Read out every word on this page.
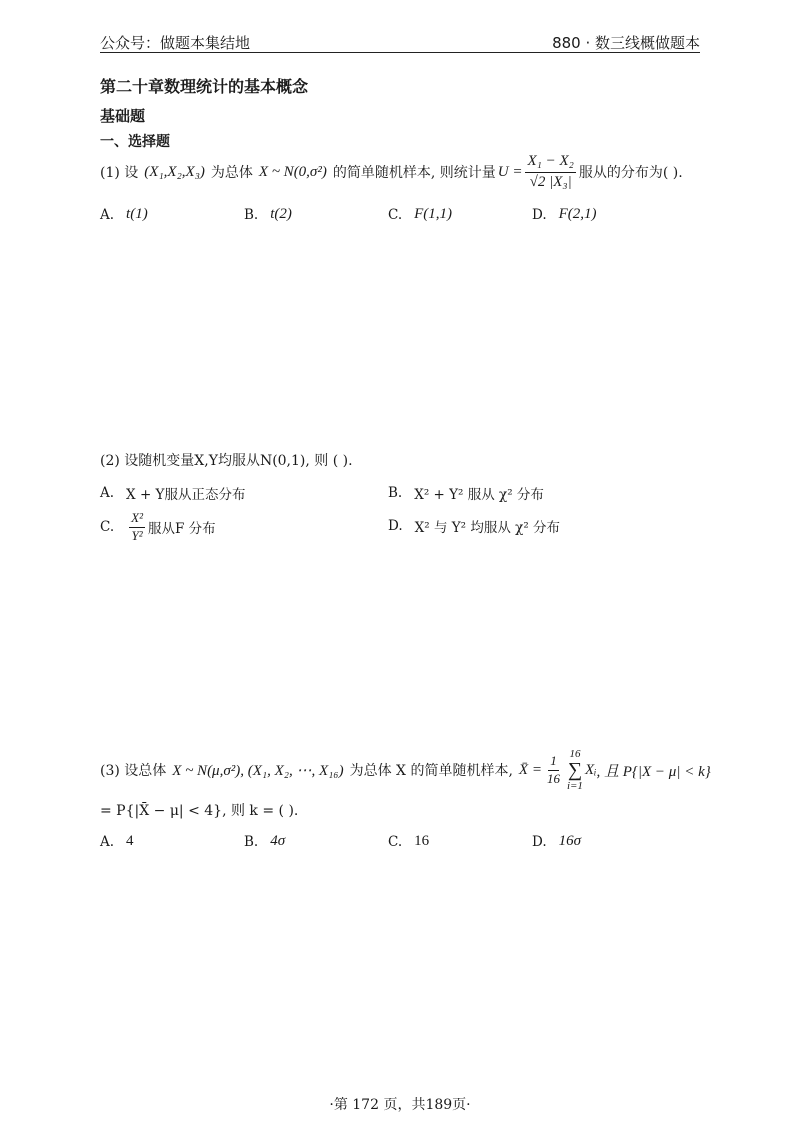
公众号：做题本集结地	880 · 数三线概做题本
第二十章数理统计的基本概念
基础题
一、选择题
(1) 设 (X₁,X₂,X₃) 为总体 X ~ N(0,σ²) 的简单随机样本, 则统计量 $U = \frac{\text{X₁ − X₂}}{\text{√2 |X₃|}}$ 服从的分布为( ).
A. t(1)	B. t(2)	C. F(1,1)	D. F(2,1)
(2) 设随机变量X,Y均服从N(0,1), 则 ( ).
A. X + Y服从正态分布	B. X² + Y² 服从 χ² 分布
C. $\frac{\text{X²}}{\text{Y²}}$ 服从F 分布	D. X² 与 Y² 均服从 χ² 分布
(3) 设总体 X ~ N(μ,σ²), (X₁, X₂, ⋯, X₁₆) 为总体 X 的简单随机样本, X̄ = $\frac{1}{16}$
16
∑
i=1
Xᵢ , 且 P{|X − μ| < k}
= P{|X̄ − μ| < 4}, 则 k = ( ).
A. 4	B. 4σ	C. 16	D. 16σ
·第 172 页，共189页·
